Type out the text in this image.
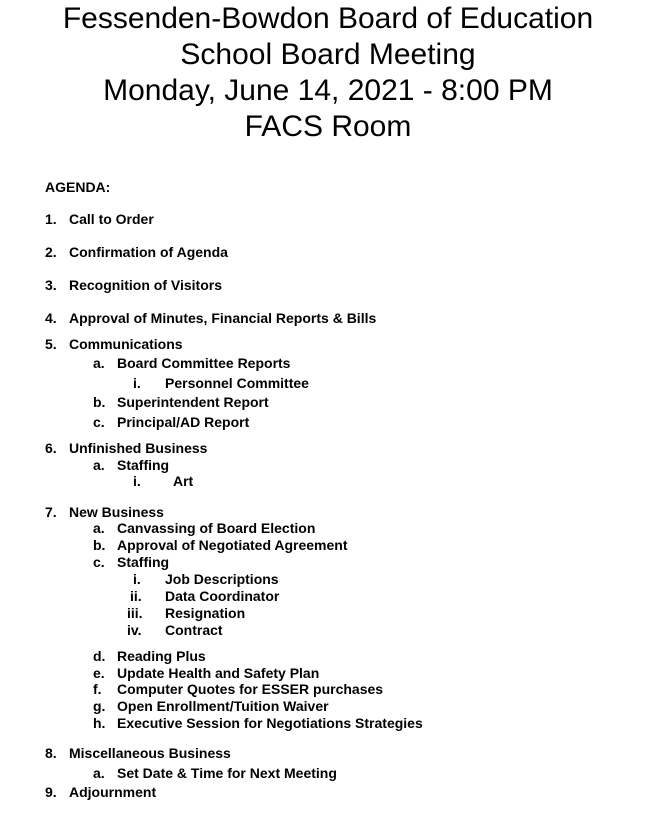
Fessenden-Bowdon Board of Education
School Board Meeting
Monday, June 14, 2021 - 8:00 PM
FACS Room
AGENDA:
1. Call to Order
2. Confirmation of Agenda
3. Recognition of Visitors
4. Approval of Minutes, Financial Reports & Bills
5. Communications
a. Board Committee Reports
i. Personnel Committee
b. Superintendent Report
c. Principal/AD Report
6. Unfinished Business
a. Staffing
i. Art
7. New Business
a. Canvassing of Board Election
b. Approval of Negotiated Agreement
c. Staffing
i. Job Descriptions
ii. Data Coordinator
iii. Resignation
iv. Contract
d. Reading Plus
e. Update Health and Safety Plan
f. Computer Quotes for ESSER purchases
g. Open Enrollment/Tuition Waiver
h. Executive Session for Negotiations Strategies
8. Miscellaneous Business
a. Set Date & Time for Next Meeting
9. Adjournment
